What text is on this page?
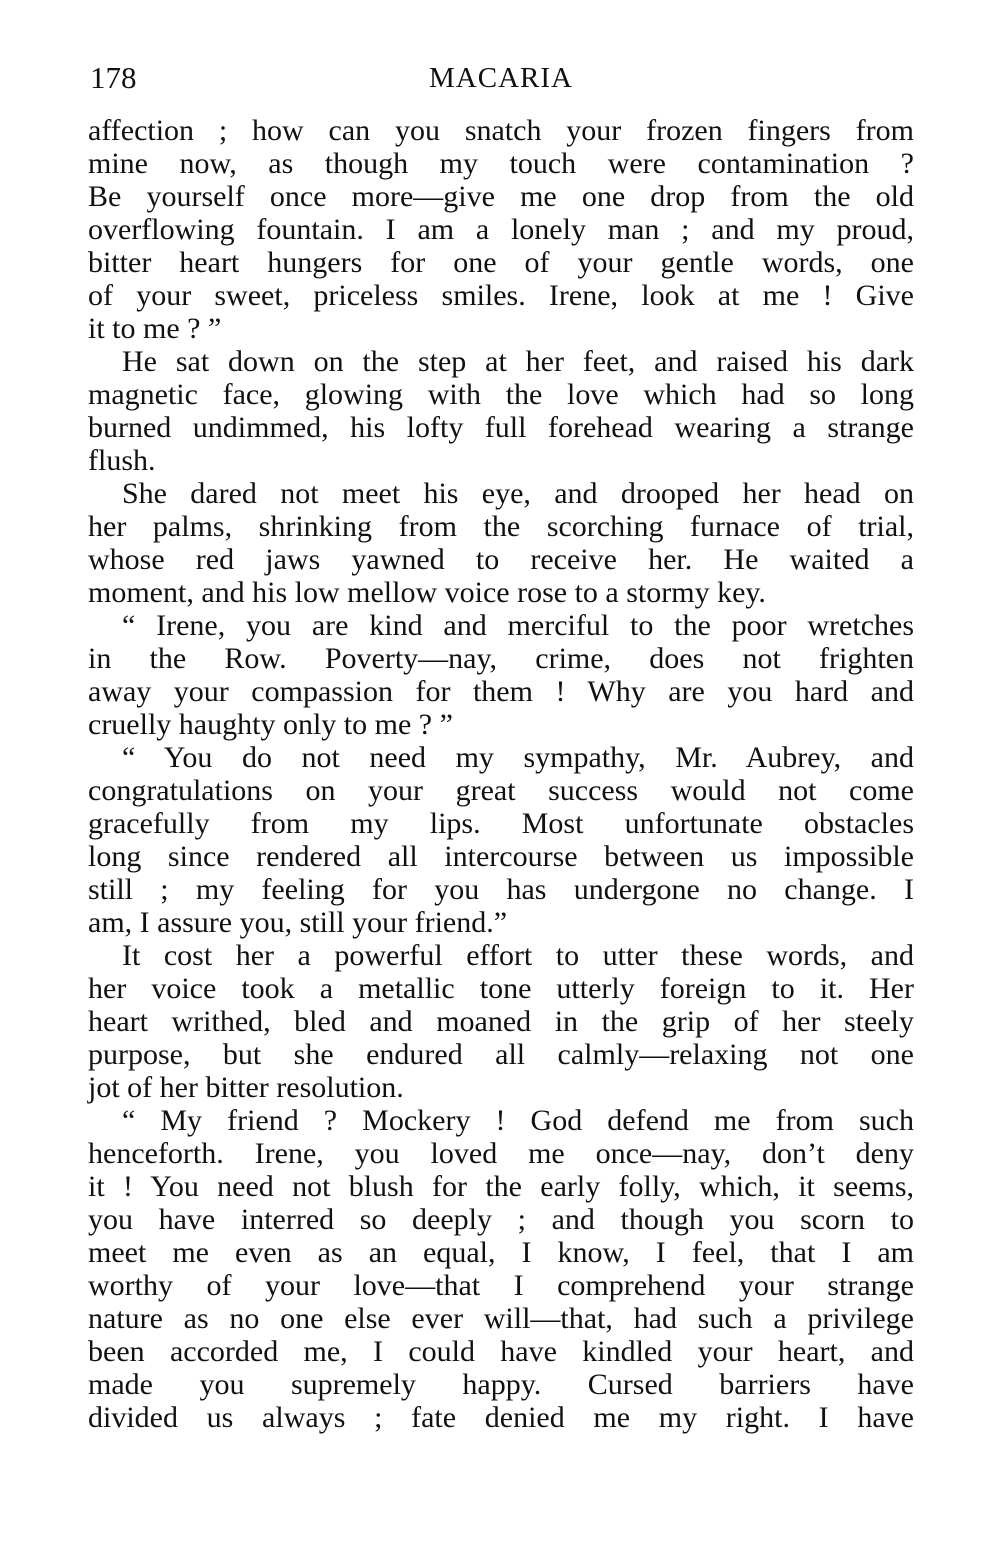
178	MACARIA
affection ; how can you snatch your frozen fingers from
mine now, as though my touch were contamination ?
Be yourself once more—give me one drop from the old
overflowing fountain. I am a lonely man ; and my proud,
bitter heart hungers for one of your gentle words, one
of your sweet, priceless smiles. Irene, look at me ! Give
it to me ? ”
He sat down on the step at her feet, and raised his dark
magnetic face, glowing with the love which had so long
burned undimmed, his lofty full forehead wearing a strange
flush.
She dared not meet his eye, and drooped her head on
her palms, shrinking from the scorching furnace of trial,
whose red jaws yawned to receive her. He waited a
moment, and his low mellow voice rose to a stormy key.
“ Irene, you are kind and merciful to the poor wretches
in the Row. Poverty—nay, crime, does not frighten
away your compassion for them ! Why are you hard and
cruelly haughty only to me ? ”
“ You do not need my sympathy, Mr. Aubrey, and
congratulations on your great success would not come
gracefully from my lips. Most unfortunate obstacles
long since rendered all intercourse between us impossible
still ; my feeling for you has undergone no change. I
am, I assure you, still your friend.”
It cost her a powerful effort to utter these words, and
her voice took a metallic tone utterly foreign to it. Her
heart writhed, bled and moaned in the grip of her steely
purpose, but she endured all calmly—relaxing not one
jot of her bitter resolution.
“ My friend ? Mockery ! God defend me from such
henceforth. Irene, you loved me once—nay, don’t deny
it ! You need not blush for the early folly, which, it seems,
you have interred so deeply ; and though you scorn to
meet me even as an equal, I know, I feel, that I am
worthy of your love—that I comprehend your strange
nature as no one else ever will—that, had such a privilege
been accorded me, I could have kindled your heart, and
made you supremely happy. Cursed barriers have
divided us always ; fate denied me my right. I have
